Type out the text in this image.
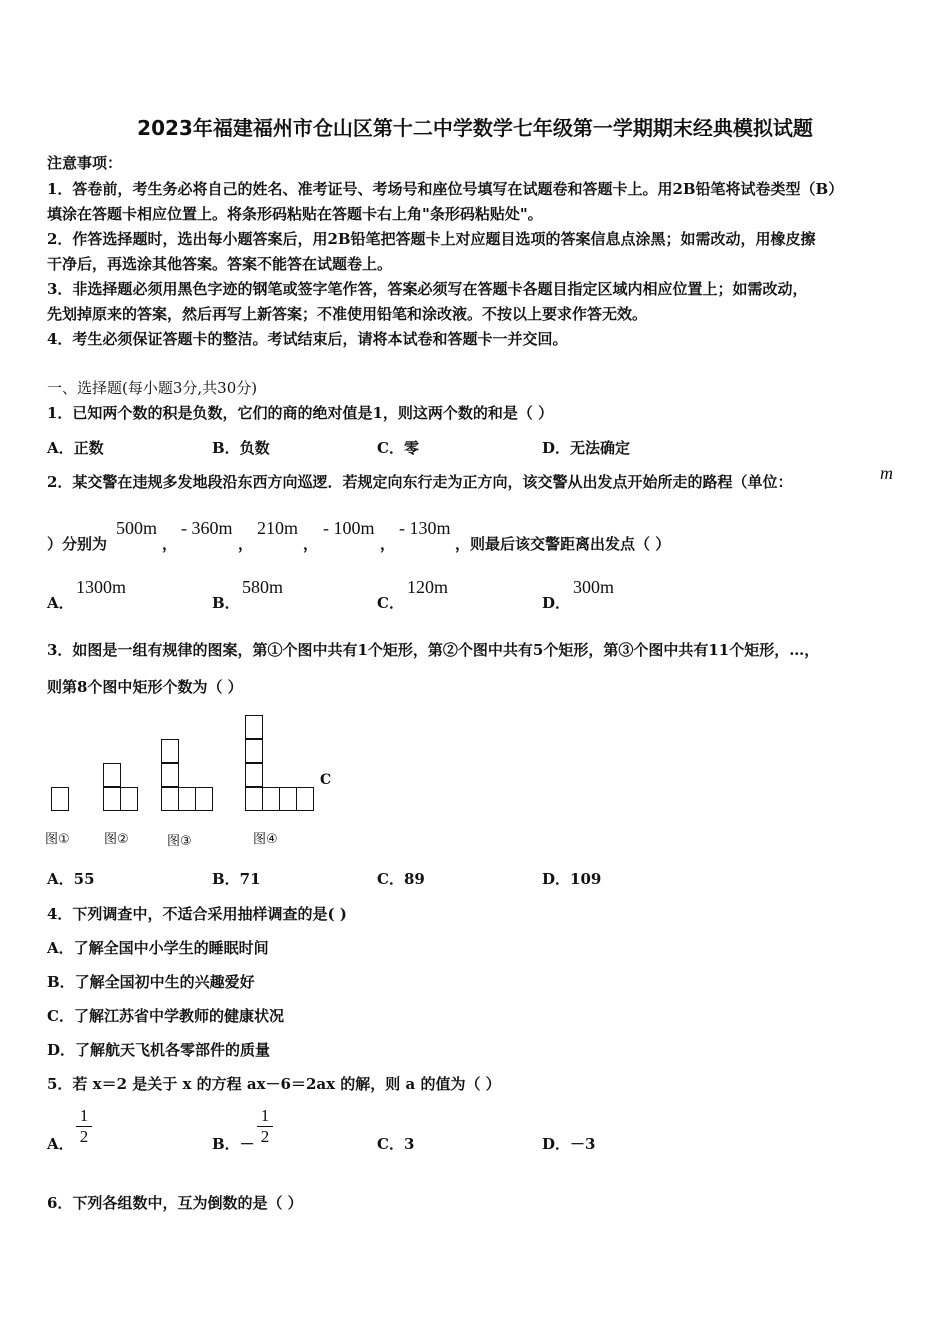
2023年福建福州市仓山区第十二中学数学七年级第一学期期末经典模拟试题
注意事项：
1．答卷前，考生务必将自己的姓名、准考证号、考场号和座位号填写在试题卷和答题卡上。用2B铅笔将试卷类型（B）
填涂在答题卡相应位置上。将条形码粘贴在答题卡右上角"条形码粘贴处"。
2．作答选择题时，选出每小题答案后，用2B铅笔把答题卡上对应题目选项的答案信息点涂黑；如需改动，用橡皮擦
干净后，再选涂其他答案。答案不能答在试题卷上。
3．非选择题必须用黑色字迹的钢笔或签字笔作答，答案必须写在答题卡各题目指定区域内相应位置上；如需改动，
先划掉原来的答案，然后再写上新答案；不准使用铅笔和涂改液。不按以上要求作答无效。
4．考生必须保证答题卡的整洁。考试结束后，请将本试卷和答题卡一并交回。
一、选择题(每小题3分,共30分)
1．已知两个数的积是负数，它们的商的绝对值是1，则这两个数的和是（ ）
A．正数	B．负数	C．零	D．无法确定
2．某交警在违规多发地段沿东西方向巡逻．若规定向东行走为正方向，该交警从出发点开始所走的路程（单位：	m
）分别为
500m
，
- 360m
，
210m
，
- 100m
，
- 130m
，则最后该交警距离出发点（ ）
A．
1300m
B．
580m
C．
120m
D．
300m
3．如图是一组有规律的图案，第①个图中共有1个矩形，第②个图中共有5个矩形，第③个图中共有11个矩形，…，
则第8个图中矩形个数为（ ）
C
图①	图②	图③	图④
A．55	B．71	C．89	D．109
4．下列调查中，不适合采用抽样调查的是( )
A．了解全国中小学生的睡眠时间
B．了解全国初中生的兴趣爱好
C．了解江苏省中学教师的健康状况
D．了解航天飞机各零部件的质量
5．若 x＝2 是关于 x 的方程 ax－6＝2ax 的解，则 a 的值为（ ）
A．
1
2	B．－
1
2	C．3	D．－3
6．下列各组数中，互为倒数的是（ ）
